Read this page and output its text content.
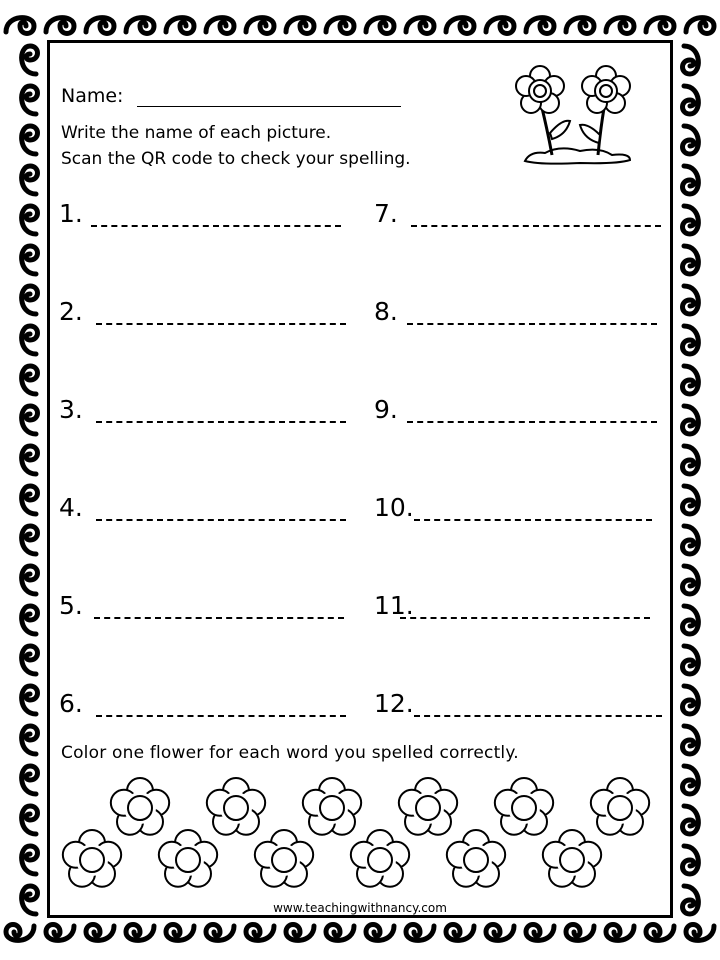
Name:
Write the name of each picture.
Scan the QR code to check your spelling.
1.
2.
3.
4.
5.
6.
7.
8.
9.
10.
11.
12.
Color one flower for each word you spelled correctly.
www.teachingwithnancy.com
